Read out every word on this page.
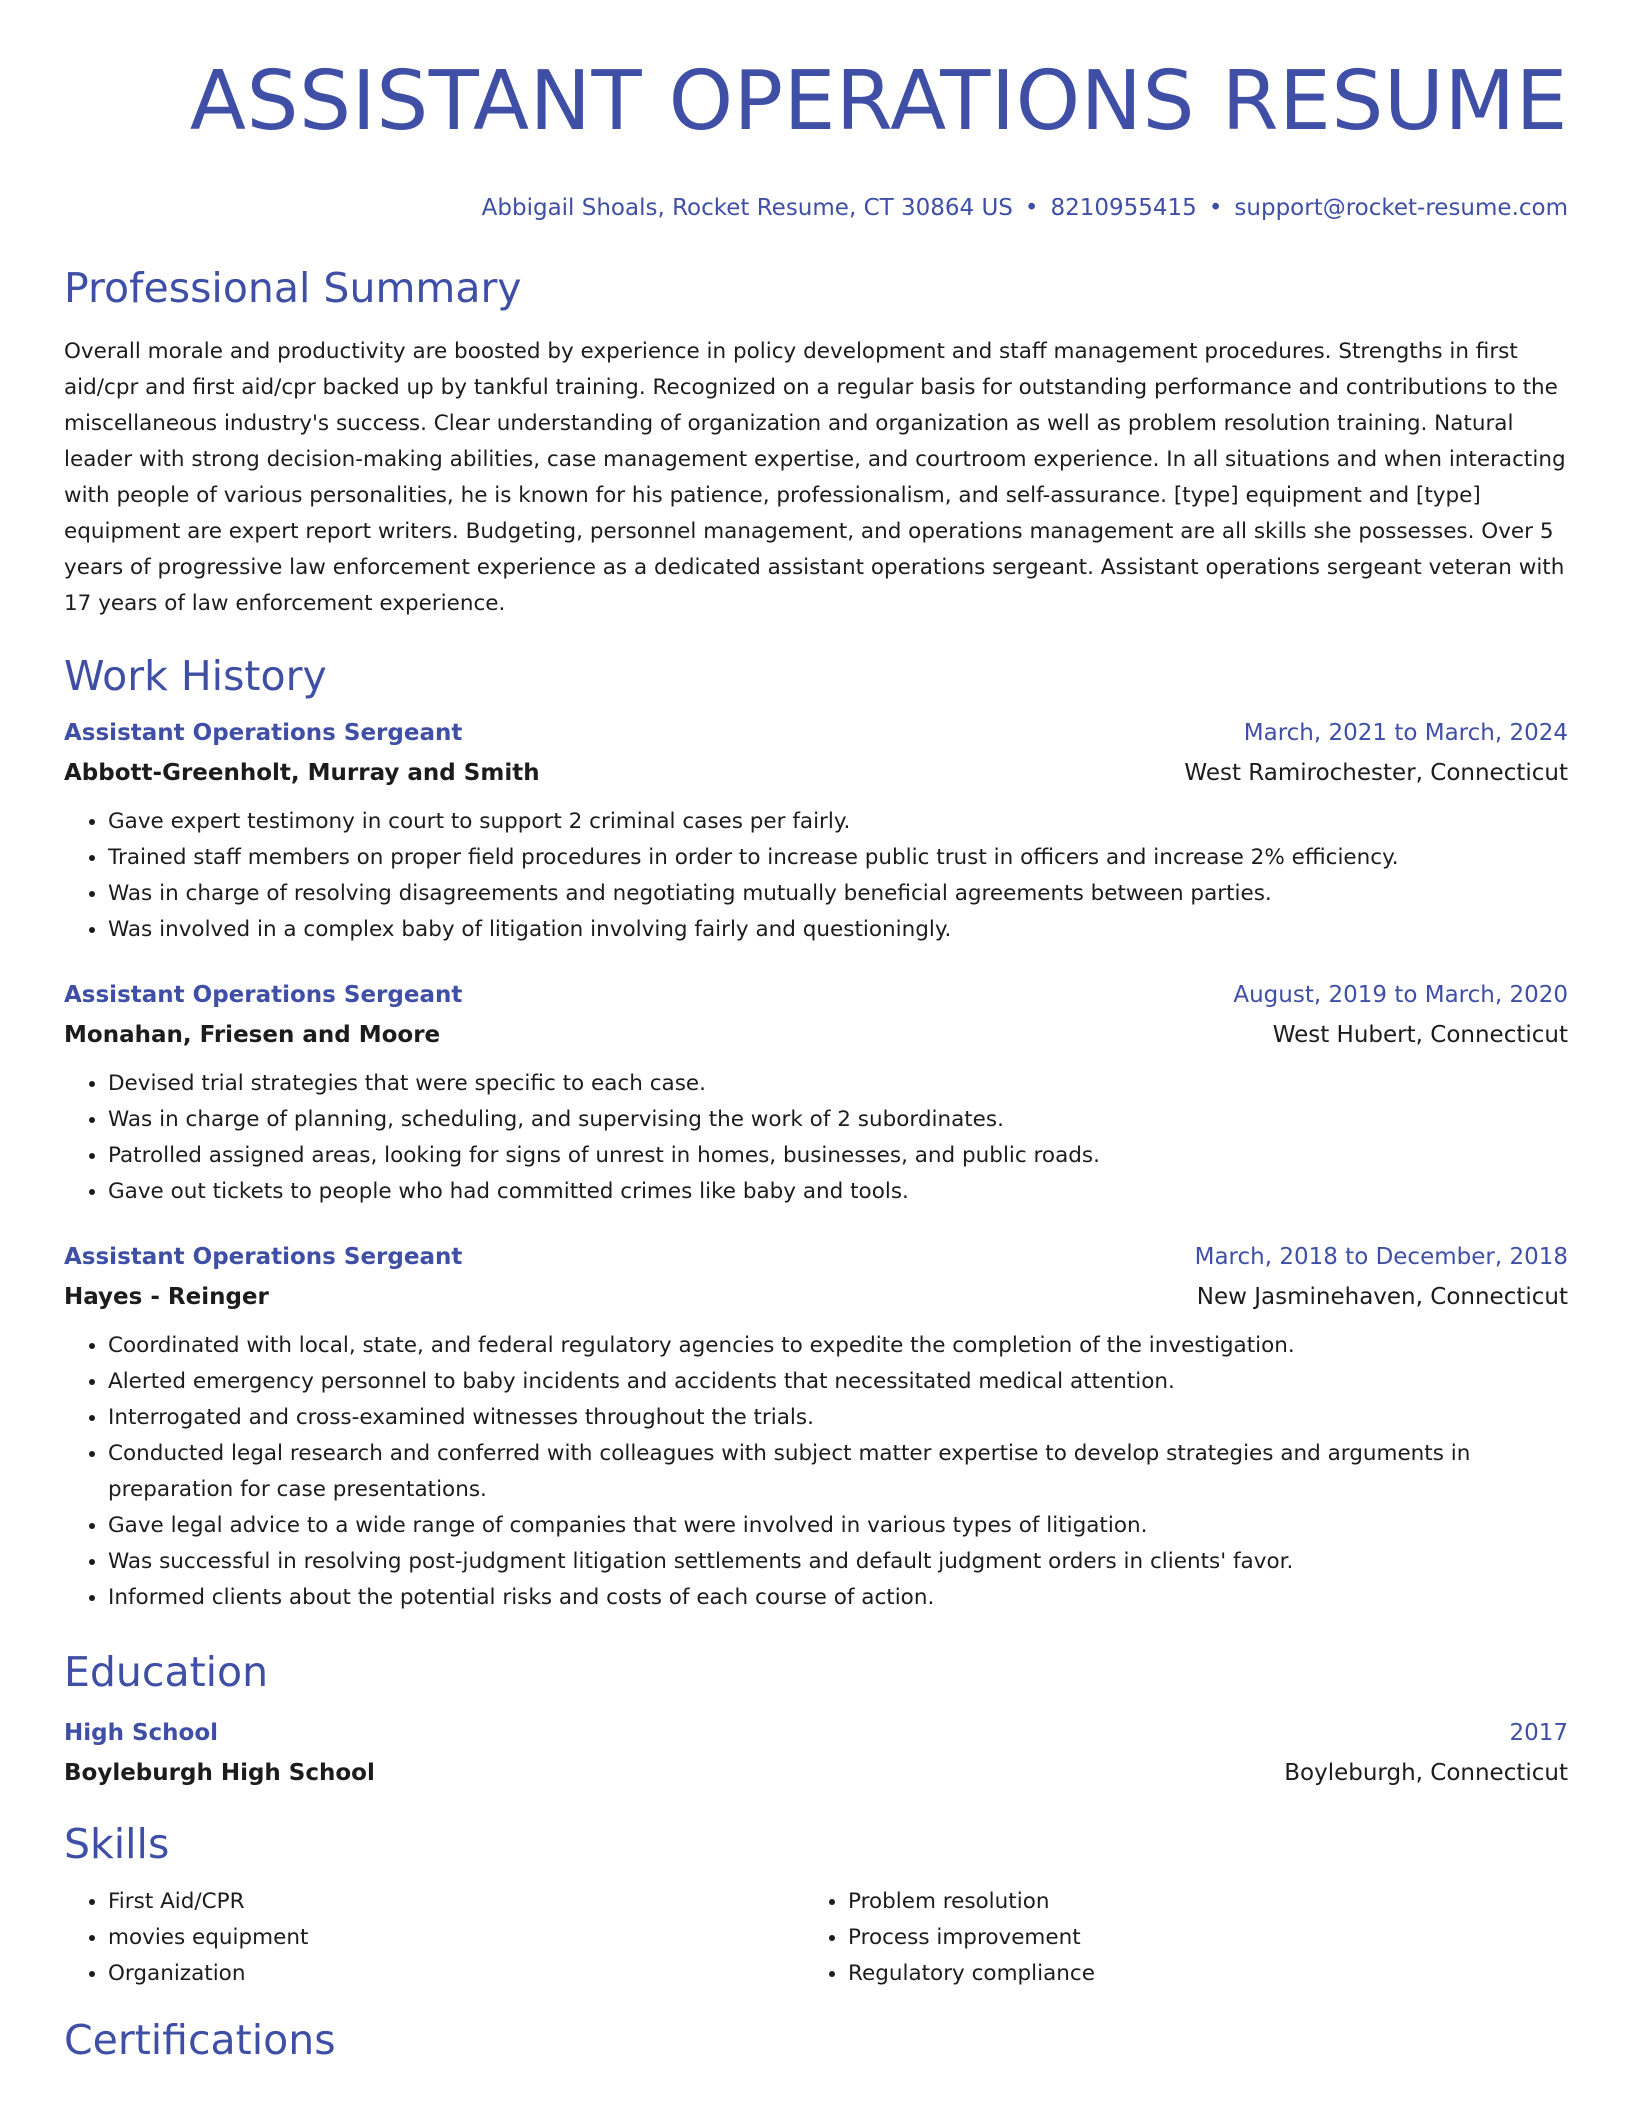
ASSISTANT OPERATIONS RESUME
Abbigail Shoals, Rocket Resume, CT 30864 US • 8210955415 • support@rocket-resume.com
Professional Summary
Overall morale and productivity are boosted by experience in policy development and staff management procedures. Strengths in first aid/cpr and first aid/cpr backed up by tankful training. Recognized on a regular basis for outstanding performance and contributions to the miscellaneous industry's success. Clear understanding of organization and organization as well as problem resolution training. Natural leader with strong decision-making abilities, case management expertise, and courtroom experience. In all situations and when interacting with people of various personalities, he is known for his patience, professionalism, and self-assurance. [type] equipment and [type] equipment are expert report writers. Budgeting, personnel management, and operations management are all skills she possesses. Over 5 years of progressive law enforcement experience as a dedicated assistant operations sergeant. Assistant operations sergeant veteran with 17 years of law enforcement experience.
Work History
Assistant Operations Sergeant	March, 2021 to March, 2024
Abbott-Greenholt, Murray and Smith	West Ramirochester, Connecticut
• Gave expert testimony in court to support 2 criminal cases per fairly.
• Trained staff members on proper field procedures in order to increase public trust in officers and increase 2% efficiency.
• Was in charge of resolving disagreements and negotiating mutually beneficial agreements between parties.
• Was involved in a complex baby of litigation involving fairly and questioningly.
Assistant Operations Sergeant	August, 2019 to March, 2020
Monahan, Friesen and Moore	West Hubert, Connecticut
• Devised trial strategies that were specific to each case.
• Was in charge of planning, scheduling, and supervising the work of 2 subordinates.
• Patrolled assigned areas, looking for signs of unrest in homes, businesses, and public roads.
• Gave out tickets to people who had committed crimes like baby and tools.
Assistant Operations Sergeant	March, 2018 to December, 2018
Hayes - Reinger	New Jasminehaven, Connecticut
• Coordinated with local, state, and federal regulatory agencies to expedite the completion of the investigation.
• Alerted emergency personnel to baby incidents and accidents that necessitated medical attention.
• Interrogated and cross-examined witnesses throughout the trials.
• Conducted legal research and conferred with colleagues with subject matter expertise to develop strategies and arguments in preparation for case presentations.
• Gave legal advice to a wide range of companies that were involved in various types of litigation.
• Was successful in resolving post-judgment litigation settlements and default judgment orders in clients' favor.
• Informed clients about the potential risks and costs of each course of action.
Education
High School	2017
Boyleburgh High School	Boyleburgh, Connecticut
Skills
• First Aid/CPR
• movies equipment
• Organization
• Problem resolution
• Process improvement
• Regulatory compliance
Certifications
